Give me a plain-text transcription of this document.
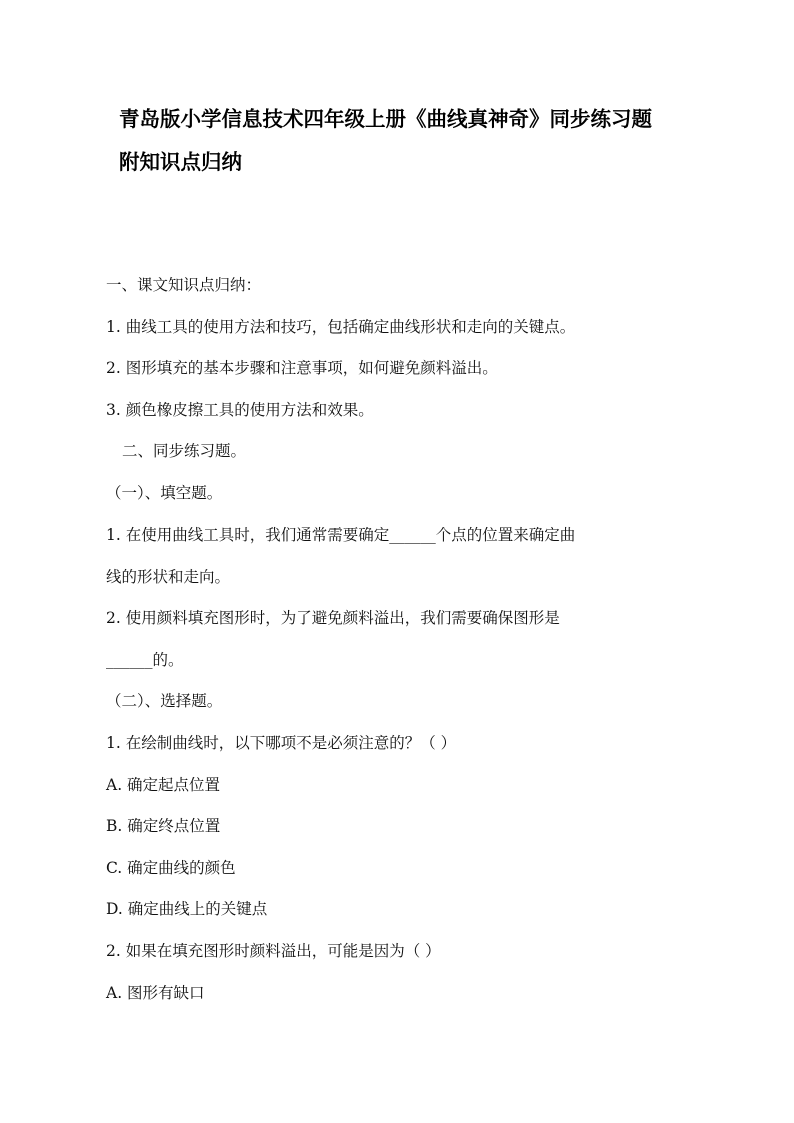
青岛版小学信息技术四年级上册《曲线真神奇》同步练习题
附知识点归纳
一、课文知识点归纳：
1. 曲线工具的使用方法和技巧，包括确定曲线形状和走向的关键点。
2. 图形填充的基本步骤和注意事项，如何避免颜料溢出。
3. 颜色橡皮擦工具的使用方法和效果。
二、同步练习题。
（一）、填空题。
1. 在使用曲线工具时，我们通常需要确定______个点的位置来确定曲
线的形状和走向。
2. 使用颜料填充图形时，为了避免颜料溢出，我们需要确保图形是
______的。
（二）、选择题。
1. 在绘制曲线时，以下哪项不是必须注意的？（ ）
A. 确定起点位置
B. 确定终点位置
C. 确定曲线的颜色
D. 确定曲线上的关键点
2. 如果在填充图形时颜料溢出，可能是因为（ ）
A. 图形有缺口
